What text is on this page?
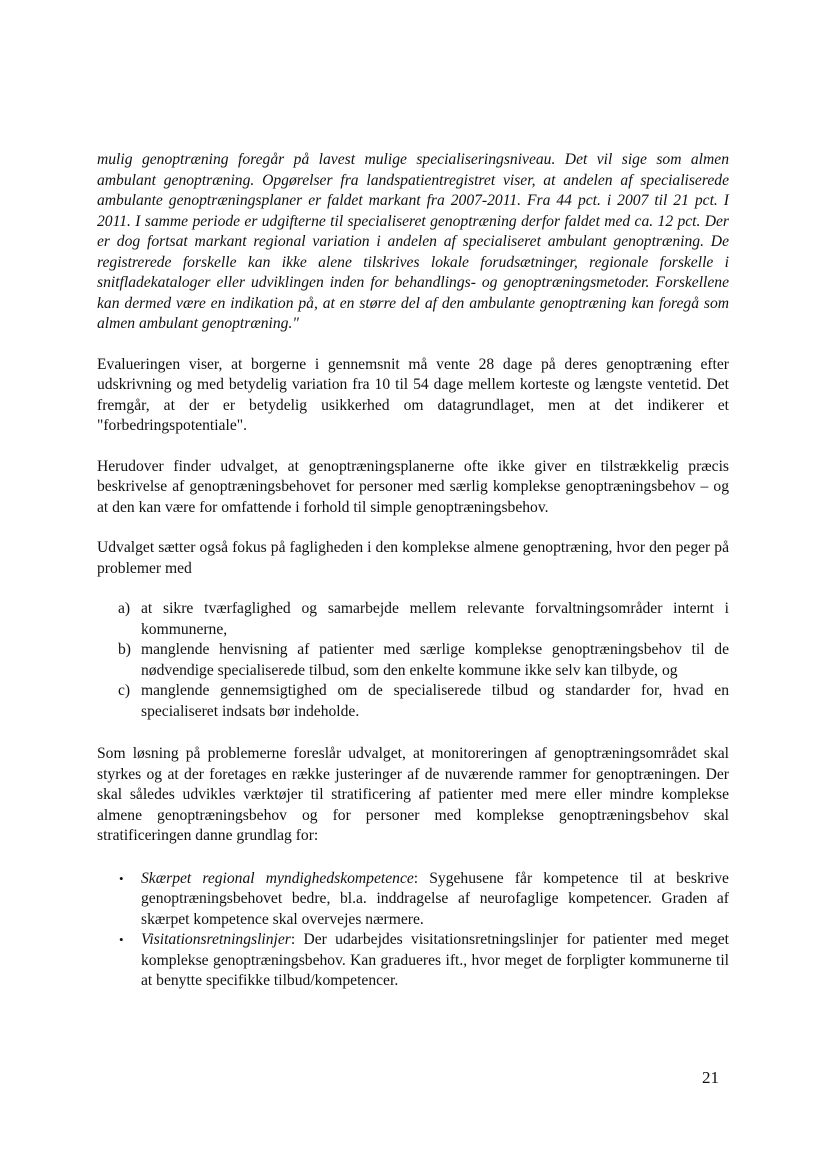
mulig genoptræning foregår på lavest mulige specialiseringsniveau. Det vil sige som almen ambulant genoptræning. Opgørelser fra landspatientregistret viser, at andelen af specialiserede ambulante genoptræningsplaner er faldet markant fra 2007-2011. Fra 44 pct. i 2007 til 21 pct. I 2011. I samme periode er udgifterne til specialiseret genoptræning derfor faldet med ca. 12 pct. Der er dog fortsat markant regional variation i andelen af specialiseret ambulant genoptræning. De registrerede forskelle kan ikke alene tilskrives lokale forudsætninger, regionale forskelle i snitfladekataloger eller udviklingen inden for behandlings- og genoptræningsmetoder. Forskellene kan dermed være en indikation på, at en større del af den ambulante genoptræning kan foregå som almen ambulant genoptræning."

Evalueringen viser, at borgerne i gennemsnit må vente 28 dage på deres genoptræning efter udskrivning og med betydelig variation fra 10 til 54 dage mellem korteste og længste ventetid. Det fremgår, at der er betydelig usikkerhed om datagrundlaget, men at det indikerer et "forbedringspotentiale".

Herudover finder udvalget, at genoptræningsplanerne ofte ikke giver en tilstrækkelig præcis beskrivelse af genoptræningsbehovet for personer med særlig komplekse genoptræningsbehov – og at den kan være for omfattende i forhold til simple genoptræningsbehov.

Udvalget sætter også fokus på fagligheden i den komplekse almene genoptræning, hvor den peger på problemer med

a) at sikre tværfaglighed og samarbejde mellem relevante forvaltningsområder internt i kommunerne,
b) manglende henvisning af patienter med særlige komplekse genoptræningsbehov til de nødvendige specialiserede tilbud, som den enkelte kommune ikke selv kan tilbyde, og
c) manglende gennemsigtighed om de specialiserede tilbud og standarder for, hvad en specialiseret indsats bør indeholde.

Som løsning på problemerne foreslår udvalget, at monitoreringen af genoptræningsområdet skal styrkes og at der foretages en række justeringer af de nuværende rammer for genoptræningen. Der skal således udvikles værktøjer til stratificering af patienter med mere eller mindre komplekse almene genoptræningsbehov og for personer med komplekse genoptræningsbehov skal stratificeringen danne grundlag for:

• Skærpet regional myndighedskompetence: Sygehusene får kompetence til at beskrive genoptræningsbehovet bedre, bl.a. inddragelse af neurofaglige kompetencer. Graden af skærpet kompetence skal overvejes nærmere.
• Visitationsretningslinjer: Der udarbejdes visitationsretningslinjer for patienter med meget komplekse genoptræningsbehov. Kan gradueres ift., hvor meget de forpligter kommunerne til at benytte specifikke tilbud/kompetencer.
21
